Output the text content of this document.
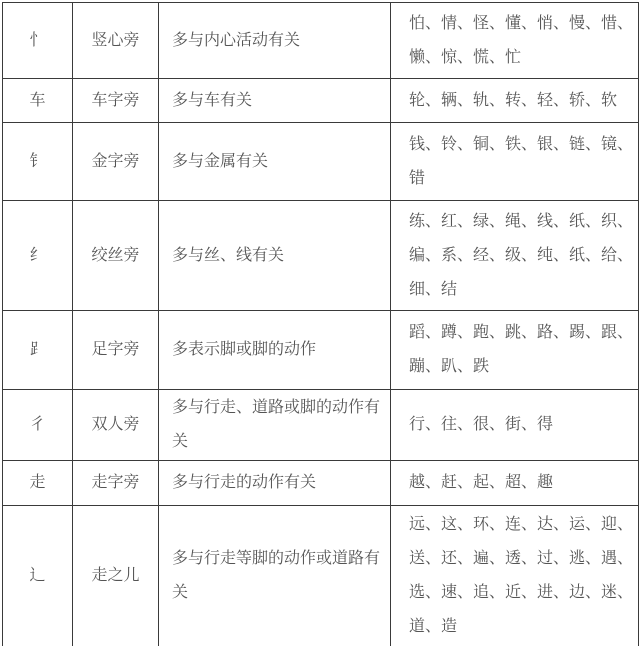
忄	竖心旁	多与内心活动有关	怕、情、怪、懂、悄、慢、惜、懒、惊、慌、忙
车	车字旁	多与车有关	轮、辆、轨、转、轻、轿、软
钅	金字旁	多与金属有关	钱、铃、铜、铁、银、链、镜、错
纟	绞丝旁	多与丝、线有关	练、红、绿、绳、线、纸、织、编、系、经、级、纯、纸、给、细、结
⻊	足字旁	多表示脚或脚的动作	蹈、蹲、跑、跳、路、踢、跟、蹦、趴、跌
彳	双人旁	多与行走、道路或脚的动作有关	行、往、很、街、得
走	走字旁	多与行走的动作有关	越、赶、起、超、趣
辶	走之儿	多与行走等脚的动作或道路有关	远、这、环、连、达、运、迎、送、还、遍、透、过、逃、遇、选、速、追、近、进、边、迷、道、造
